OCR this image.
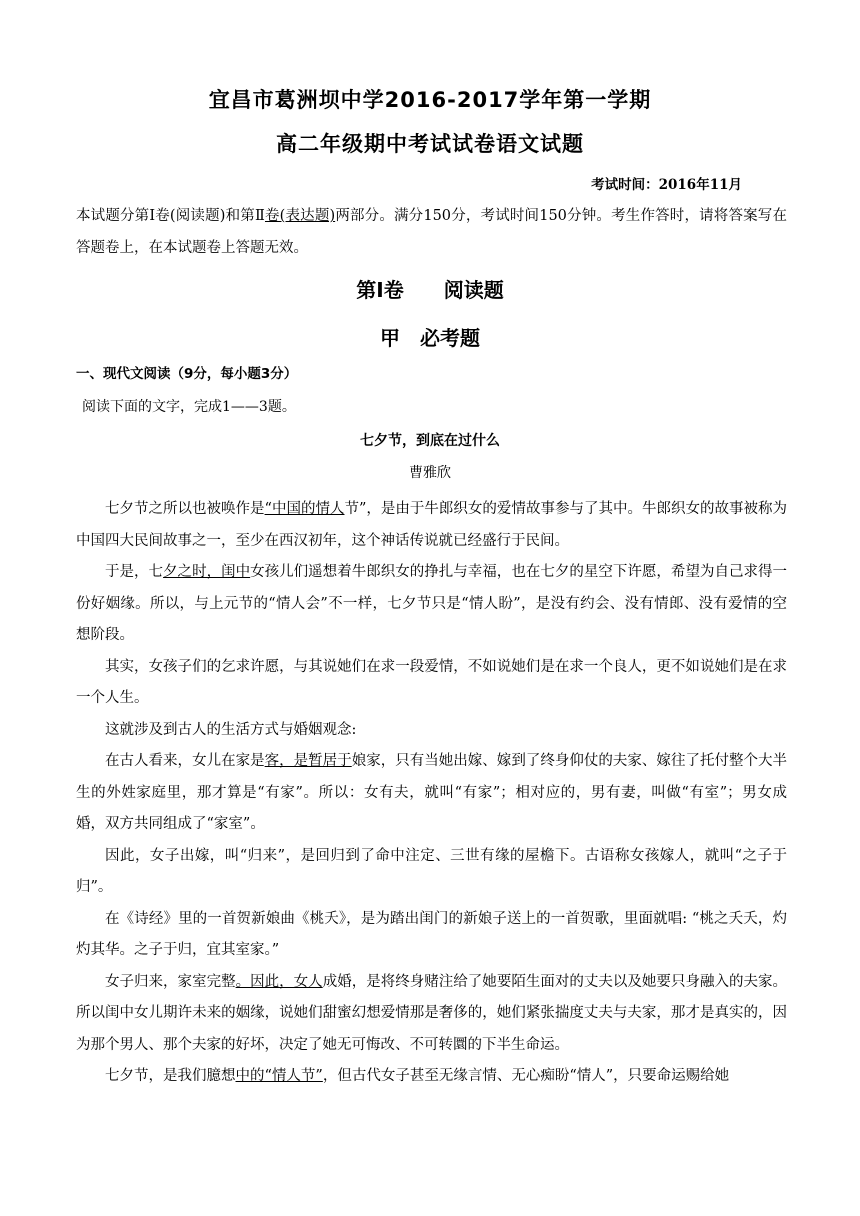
宜昌市葛洲坝中学2016-2017学年第一学期
高二年级期中考试试卷语文试题
考试时间：2016年11月
本试题分第Ⅰ卷(阅读题)和第Ⅱ卷(表达题)两部分。满分150分，考试时间150分钟。考生作答时，请将答案写在答题卷上，在本试题卷上答题无效。
第Ⅰ卷　　阅读题
甲　必考题
一、现代文阅读（9分，每小题3分）
阅读下面的文字，完成1——3题。
七夕节，到底在过什么
曹雅欣

七夕节之所以也被唤作是“中国的情人节”，是由于牛郎织女的爱情故事参与了其中。牛郎织女的故事被称为中国四大民间故事之一，至少在西汉初年，这个神话传说就已经盛行于民间。

于是，七夕之时，闺中女孩儿们遥想着牛郎织女的挣扎与幸福，也在七夕的星空下许愿，希望为自己求得一份好姻缘。所以，与上元节的“情人会”不一样，七夕节只是“情人盼”，是没有约会、没有情郎、没有爱情的空想阶段。

其实，女孩子们的乞求许愿，与其说她们在求一段爱情，不如说她们是在求一个良人，更不如说她们是在求一个人生。

这就涉及到古人的生活方式与婚姻观念:

在古人看来，女儿在家是客，是暂居于娘家，只有当她出嫁、嫁到了终身仰仗的夫家、嫁往了托付整个大半生的外姓家庭里，那才算是“有家”。所以：女有夫，就叫“有家”；相对应的，男有妻，叫做“有室”；男女成婚，双方共同组成了“家室”。

因此，女子出嫁，叫“归来”，是回归到了命中注定、三世有缘的屋檐下。古语称女孩嫁人，就叫“之子于归”。

在《诗经》里的一首贺新娘曲《桃夭》，是为踏出闺门的新娘子送上的一首贺歌，里面就唱: “桃之夭夭，灼灼其华。之子于归，宜其室家。”

女子归来，家室完整。因此，女人成婚，是将终身赌注给了她要陌生面对的丈夫以及她要只身融入的夫家。所以闺中女儿期许未来的姻缘，说她们甜蜜幻想爱情那是奢侈的，她们紧张揣度丈夫与夫家，那才是真实的，因为那个男人、那个夫家的好坏，决定了她无可悔改、不可转圜的下半生命运。

七夕节，是我们臆想中的“情人节”，但古代女子甚至无缘言情、无心痴盼“情人”，只要命运赐给她
